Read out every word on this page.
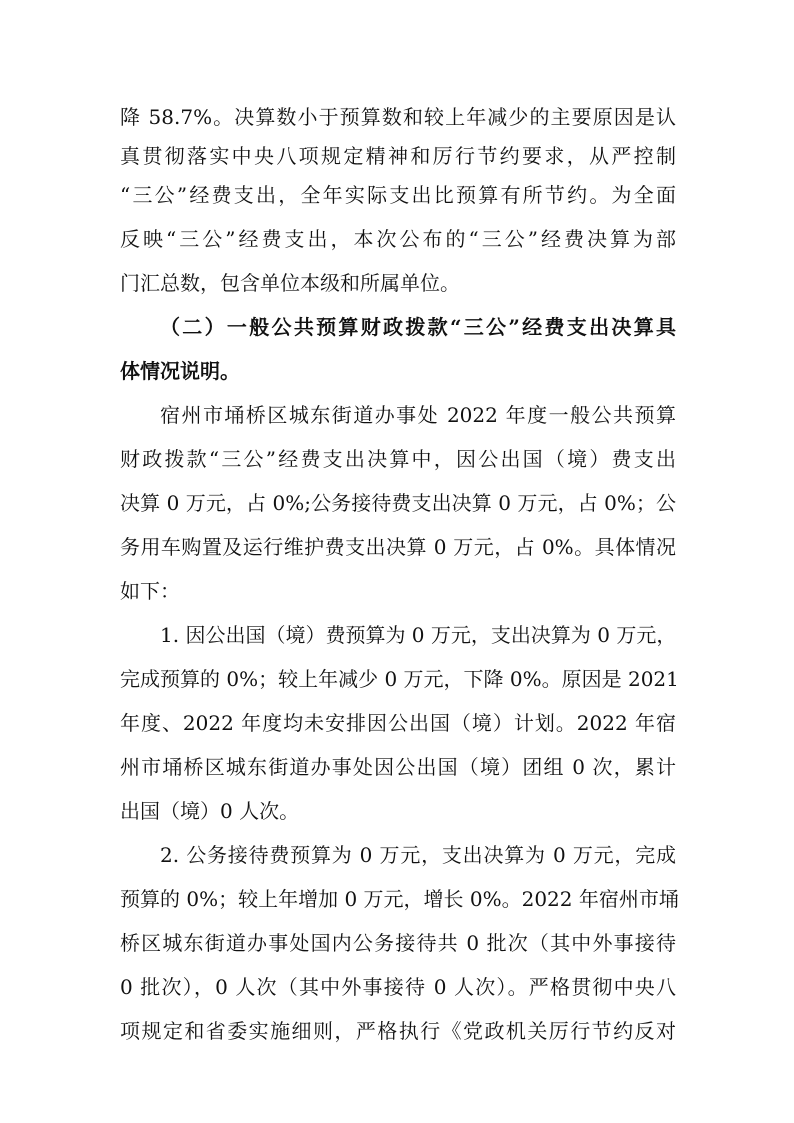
降 58.7%。决算数小于预算数和较上年减少的主要原因是认
真贯彻落实中央八项规定精神和厉行节约要求，从严控制
“三公”经费支出，全年实际支出比预算有所节约。为全面
反映“三公”经费支出，本次公布的“三公”经费决算为部
门汇总数，包含单位本级和所属单位。
（二）一般公共预算财政拨款“三公”经费支出决算具
体情况说明。
宿州市埇桥区城东街道办事处 2022 年度一般公共预算
财政拨款“三公”经费支出决算中，因公出国（境）费支出
决算 0 万元，占 0%;公务接待费支出决算 0 万元，占 0%；公
务用车购置及运行维护费支出决算 0 万元，占 0%。具体情况
如下：
1. 因公出国（境）费预算为 0 万元，支出决算为 0 万元，
完成预算的 0%；较上年减少 0 万元，下降 0%。原因是 2021
年度、2022 年度均未安排因公出国（境）计划。2022 年宿
州市埇桥区城东街道办事处因公出国（境）团组 0 次，累计
出国（境）0 人次。
2. 公务接待费预算为 0 万元，支出决算为 0 万元，完成
预算的 0%；较上年增加 0 万元，增长 0%。2022 年宿州市埇
桥区城东街道办事处国内公务接待共 0 批次（其中外事接待
0 批次），0 人次（其中外事接待 0 人次）。严格贯彻中央八
项规定和省委实施细则，严格执行《党政机关厉行节约反对
